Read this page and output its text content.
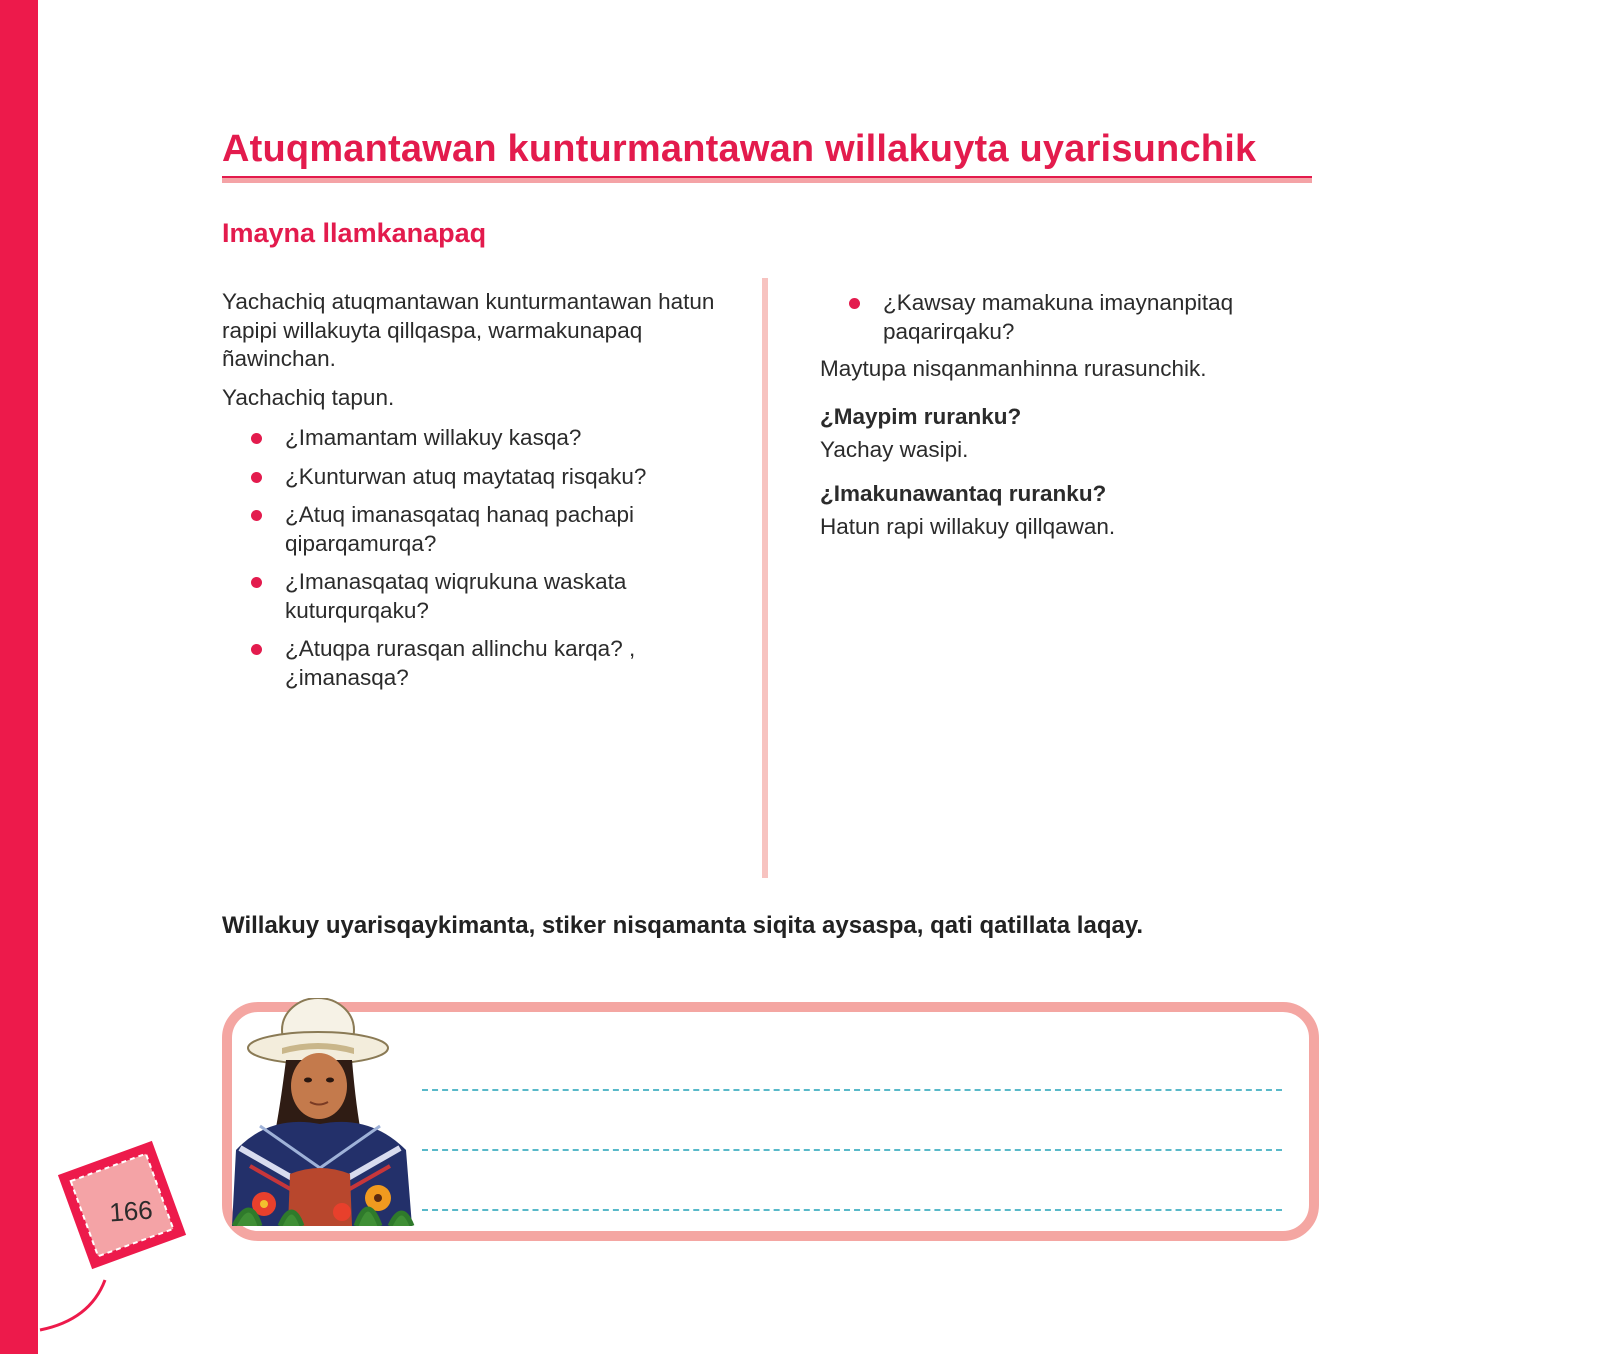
Atuqmantawan kunturmantawan willakuyta uyarisunchik
Imayna llamkanapaq

Yachachiq atuqmantawan kunturmantawan hatun rapipi willakuyta qillqaspa, warmakunapaq ñawinchan.

Yachachiq tapun.

¿Imamantam willakuy kasqa?
¿Kunturwan atuq maytataq risqaku?
¿Atuq imanasqataq hanaq pachapi qiparqamurqa?
¿Imanasqataq wiqrukuna waskata kuturqurqaku?
¿Atuqpa rurasqan allinchu karqa? , ¿imanasqa?
¿Kawsay mamakuna imaynanpitaq paqarirqaku?

Maytupa nisqanmanhinna rurasunchik.

¿Maypim ruranku?

Yachay wasipi.

¿Imakunawantaq ruranku?

Hatun rapi willakuy qillqawan.

Willakuy uyarisqaykimanta, stiker nisqamanta siqita aysaspa, qati qatillata laqay.

166
